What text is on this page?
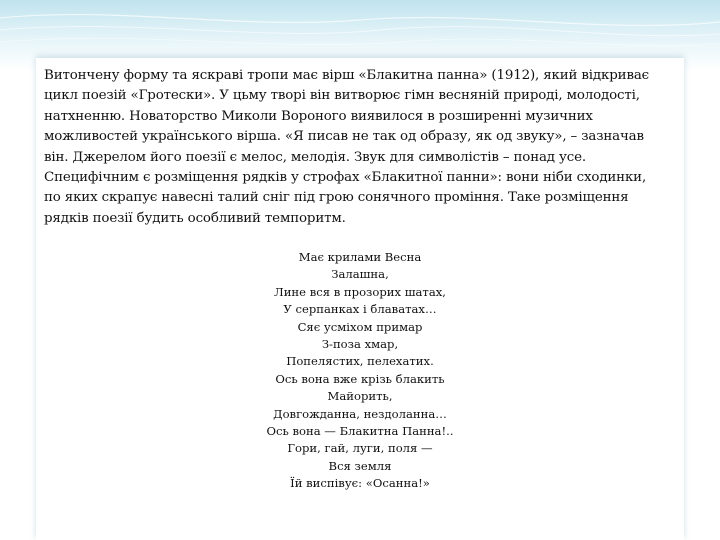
Витончену форму та яскраві тропи має вірш «Блакитна панна» (1912), який відкриває
цикл поезій «Гротески». У цьму творі він витворює гімн весняній природі, молодості,
натхненню. Новаторство Миколи Вороного виявилося в розширенні музичних
можливостей українського вірша. «Я писав не так од образу, як од звуку», – зазначав
він. Джерелом його поезії є мелос, мелодія. Звук для символістів – понад усе.
Специфічним є розміщення рядків у строфах «Блакитної панни»: вони ніби сходинки,
по яких скрапує навесні талий сніг під грою сонячного проміння. Таке розміщення
рядків поезії будить особливий темпоритм.
Має крилами Весна
Залашна,
Лине вся в прозорих шатах,
У серпанках і блаватах…
Сяє усміхом примар
З-поза хмар,
Попелястих, пелехатих.
Ось вона вже крізь блакить
Майорить,
Довгожданна, нездоланна…
Ось вона — Блакитна Панна!..
Гори, гай, луги, поля —
Вся земля
Їй виспівує: «Осанна!»
